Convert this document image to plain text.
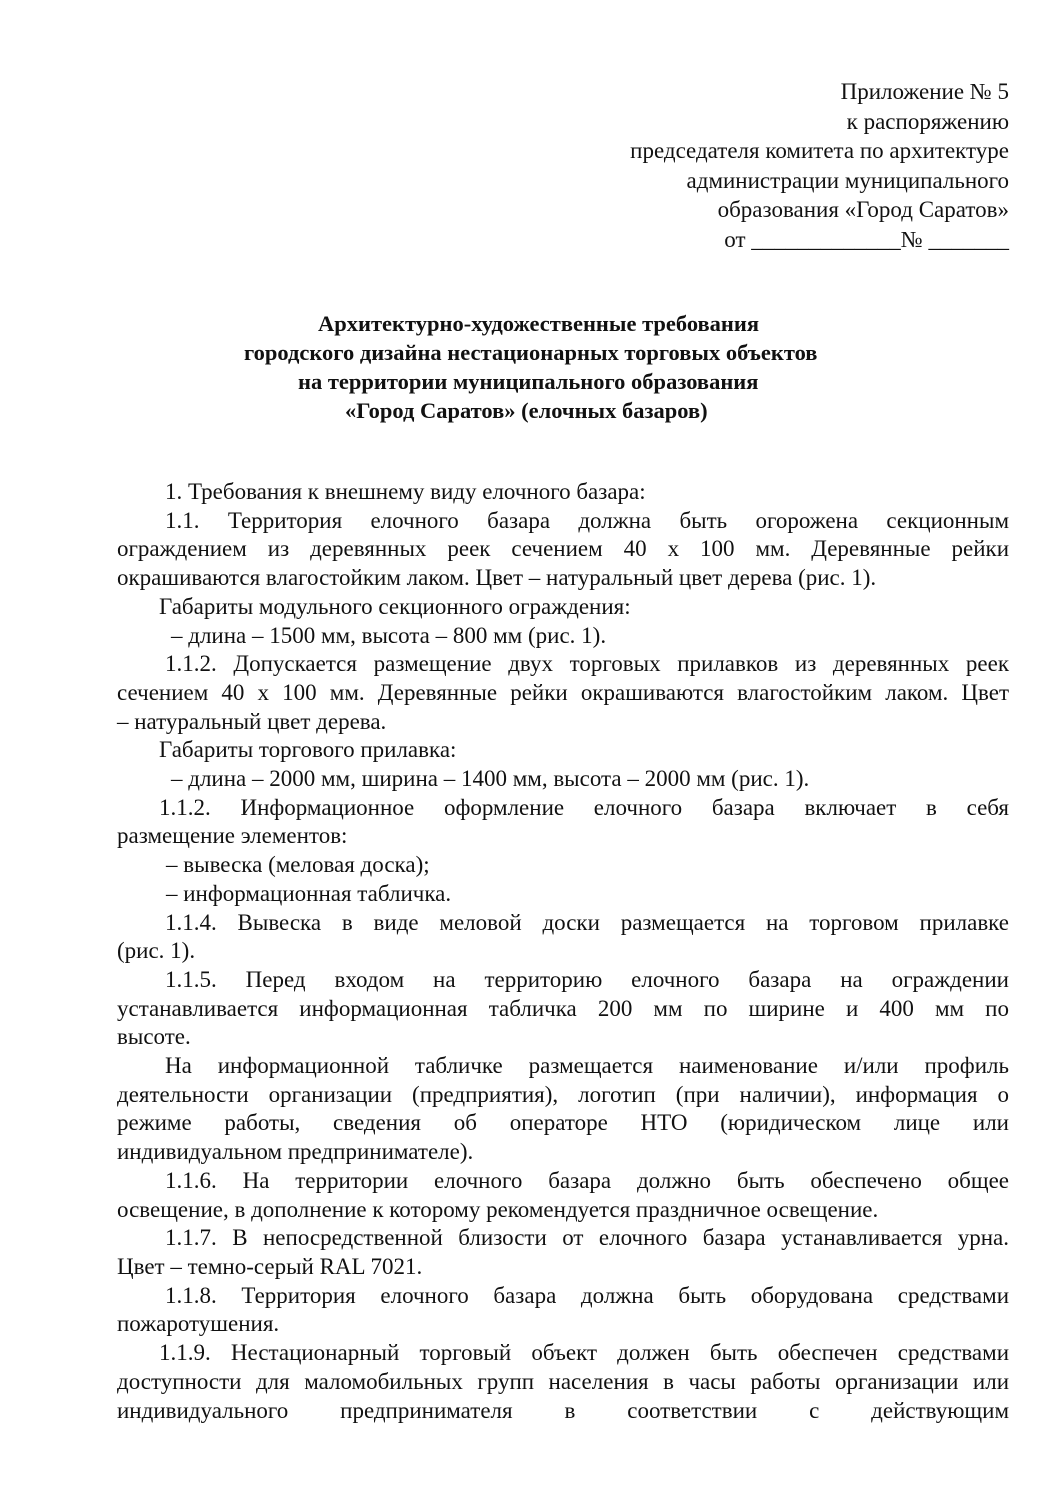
Приложение № 5
к распоряжению
председателя комитета по архитектуре
администрации муниципального
образования «Город Саратов»
от _____________№ _______
Архитектурно-художественные требования
городского дизайна нестационарных торговых объектов
на территории муниципального образования
«Город Саратов» (елочных базаров)
1. Требования к внешнему виду елочного базара:
1.1. Территория елочного базара должна быть огорожена секционным
ограждением из деревянных реек сечением 40 х 100 мм. Деревянные рейки
окрашиваются влагостойким лаком. Цвет – натуральный цвет дерева (рис. 1).
Габариты модульного секционного ограждения:
– длина – 1500 мм, высота – 800 мм (рис. 1).
1.1.2. Допускается размещение двух торговых прилавков из деревянных реек
сечением 40 х 100 мм. Деревянные рейки окрашиваются влагостойким лаком. Цвет
– натуральный цвет дерева.
Габариты торгового прилавка:
– длина – 2000 мм, ширина – 1400 мм, высота – 2000 мм (рис. 1).
1.1.2. Информационное оформление елочного базара включает в себя
размещение элементов:
– вывеска (меловая доска);
– информационная табличка.
1.1.4. Вывеска в виде меловой доски размещается на торговом прилавке
(рис. 1).
1.1.5. Перед входом на территорию елочного базара на ограждении
устанавливается информационная табличка 200 мм по ширине и 400 мм по
высоте.
На информационной табличке размещается наименование и/или профиль
деятельности организации (предприятия), логотип (при наличии), информация о
режиме работы, сведения об операторе НТО (юридическом лице или
индивидуальном предпринимателе).
1.1.6. На территории елочного базара должно быть обеспечено общее
освещение, в дополнение к которому рекомендуется праздничное освещение.
1.1.7. В непосредственной близости от елочного базара устанавливается урна.
Цвет – темно-серый RAL 7021.
1.1.8. Территория елочного базара должна быть оборудована средствами
пожаротушения.
1.1.9. Нестационарный торговый объект должен быть обеспечен средствами
доступности для маломобильных групп населения в часы работы организации или
индивидуального предпринимателя в соответствии с действующим
